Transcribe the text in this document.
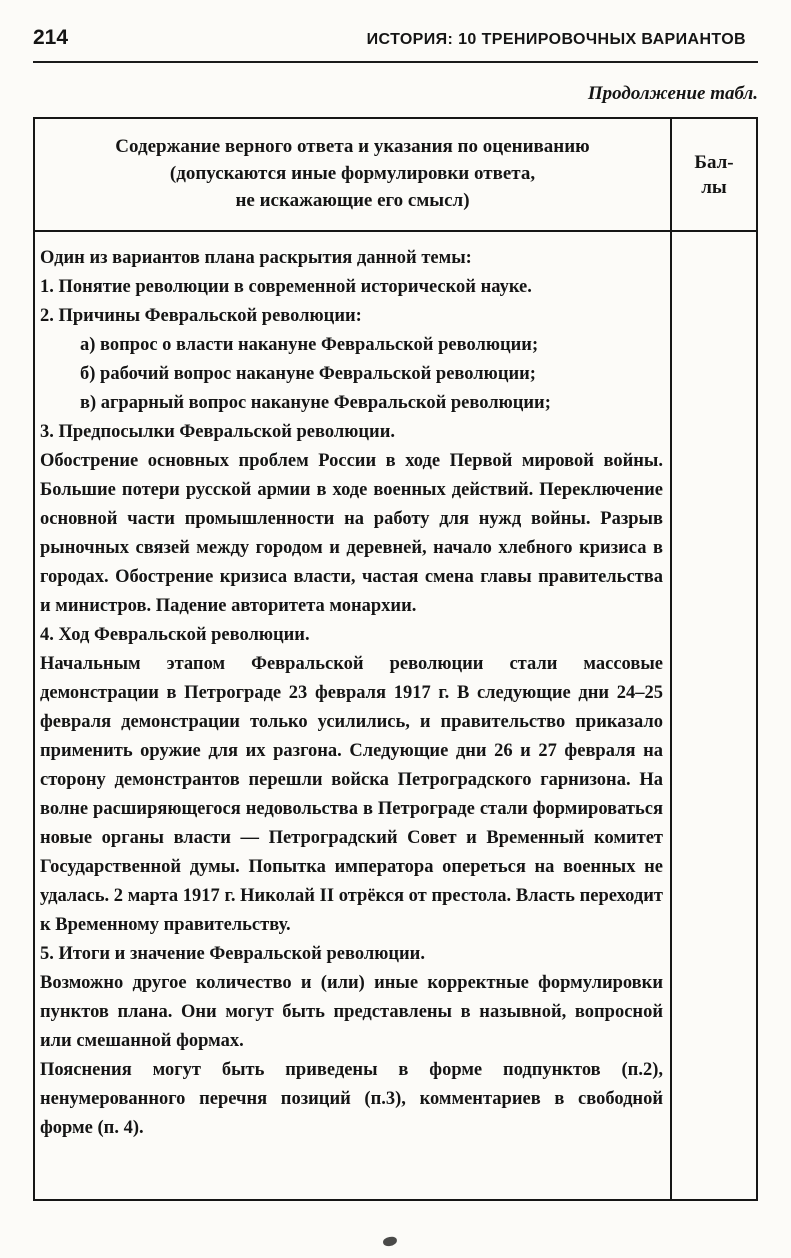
214	ИСТОРИЯ: 10 ТРЕНИРОВОЧНЫХ ВАРИАНТОВ
Продолжение табл.
Содержание верного ответа и указания по оцениванию
(допускаются иные формулировки ответа,
не искажающие его смысл)
Бал-
лы
Один из вариантов плана раскрытия данной темы:
1. Понятие революции в современной исторической науке.
2. Причины Февральской революции:
а) вопрос о власти накануне Февральской революции;
б) рабочий вопрос накануне Февральской революции;
в) аграрный вопрос накануне Февральской революции;
3. Предпосылки Февральской революции.
Обострение основных проблем России в ходе Первой мировой войны. Большие потери русской армии в ходе военных действий. Переключение основной части промышленности на работу для нужд войны. Разрыв рыночных связей между городом и деревней, начало хлебного кризиса в городах. Обострение кризиса власти, частая смена главы правительства и министров. Падение авторитета монархии.
4. Ход Февральской революции.
Начальным этапом Февральской революции стали массовые демонстрации в Петрограде 23 февраля 1917 г. В следующие дни 24–25 февраля демонстрации только усилились, и правительство приказало применить оружие для их разгона. Следующие дни 26 и 27 февраля на сторону демонстрантов перешли войска Петроградского гарнизона. На волне расширяющегося недовольства в Петрограде стали формироваться новые органы власти — Петроградский Совет и Временный комитет Государственной думы. Попытка императора опереться на военных не удалась. 2 марта 1917 г. Николай II отрёкся от престола. Власть переходит к Временному правительству.
5. Итоги и значение Февральской революции.
Возможно другое количество и (или) иные корректные формулировки пунктов плана. Они могут быть представлены в назывной, вопросной или смешанной формах.
Пояснения могут быть приведены в форме подпунктов (п.2), ненумерованного перечня позиций (п.3), комментариев в свободной форме (п. 4).
